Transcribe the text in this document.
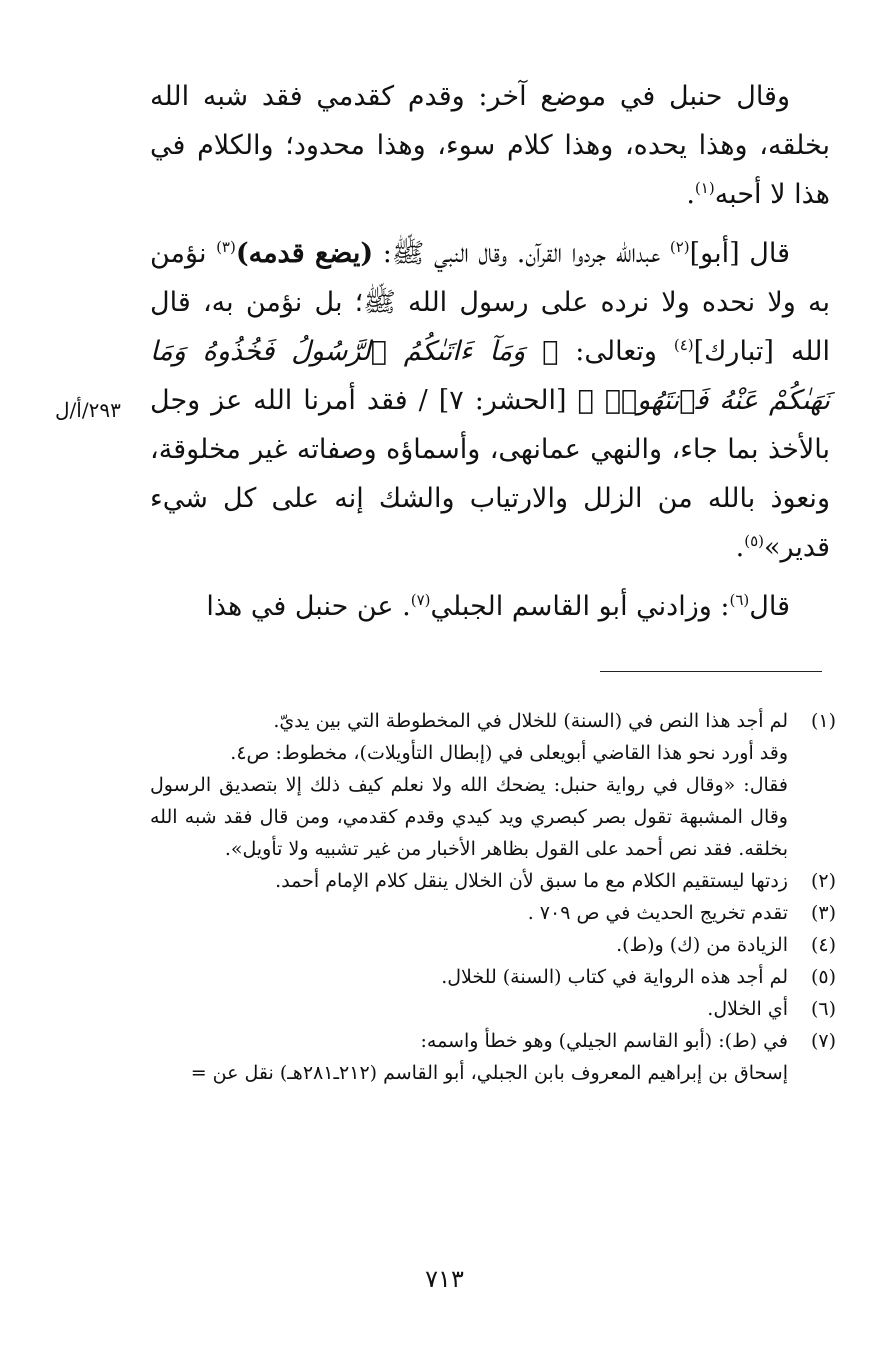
وقال حنبل في موضع آخر: وقدم كقدمي فقد شبه الله بخلقه، وهذا يحده، وهذا كلام سوء، وهذا محدود؛ والكلام في هذا لا أحبه$^{(١)}$.

قال [أبو]$^{(٢)}$ عبدالله جردوا القرآن. وقال النبي ﷺ: (يضع قدمه)$^{(٣)}$ نؤمن به ولا نحده ولا نرده على رسول الله ﷺ؛ بل نؤمن به، قال الله [تبارك]$^{(٤)}$ وتعالى: ﴿ وَمَآ ءَاتَىٰكُمُ ٱلرَّسُولُ فَخُذُوهُ وَمَا نَهَىٰكُمْ عَنْهُ فَٱنتَهُوا۟ ﴾ [الحشر: ٧] / فقد أمرنا الله عز وجل بالأخذ بما جاء، والنهي عمانهى، وأسماؤه وصفاته غير مخلوقة، ونعوذ بالله من الزلل والارتياب والشك إنه على كل شيء قدير»$^{(٥)}$.

قال$^{(٦)}$: وزادني أبو القاسم الجبلي$^{(٧)}$. عن حنبل في هذا

٢٩٣/أ/ل
(١)
لم أجد هذا النص في (السنة) للخلال في المخطوطة التي بين يديّ.
وقد أورد نحو هذا القاضي أبويعلى في (إبطال التأويلات)، مخطوط: ص٤.
فقال: «وقال في رواية حنبل: يضحك الله ولا نعلم كيف ذلك إلا بتصديق الرسول وقال المشبهة تقول بصر كبصري ويد كيدي وقدم كقدمي، ومن قال فقد شبه الله بخلقه. فقد نص أحمد على القول بظاهر الأخبار من غير تشبيه ولا تأويل».
(٢)
زدتها ليستقيم الكلام مع ما سبق لأن الخلال ينقل كلام الإمام أحمد.
(٣)
تقدم تخريج الحديث في ص ٧٠٩ .
(٤)
الزيادة من (ك) و(ط).
(٥)
لم أجد هذه الرواية في كتاب (السنة) للخلال.
(٦)
أي الخلال.
(٧)
في (ط): (أبو القاسم الجيلي) وهو خطأ واسمه:
إسحاق بن إبراهيم المعروف بابن الجبلي، أبو القاسم (٢١٢ـ٢٨١هـ) نقل عن =
٧١٣
